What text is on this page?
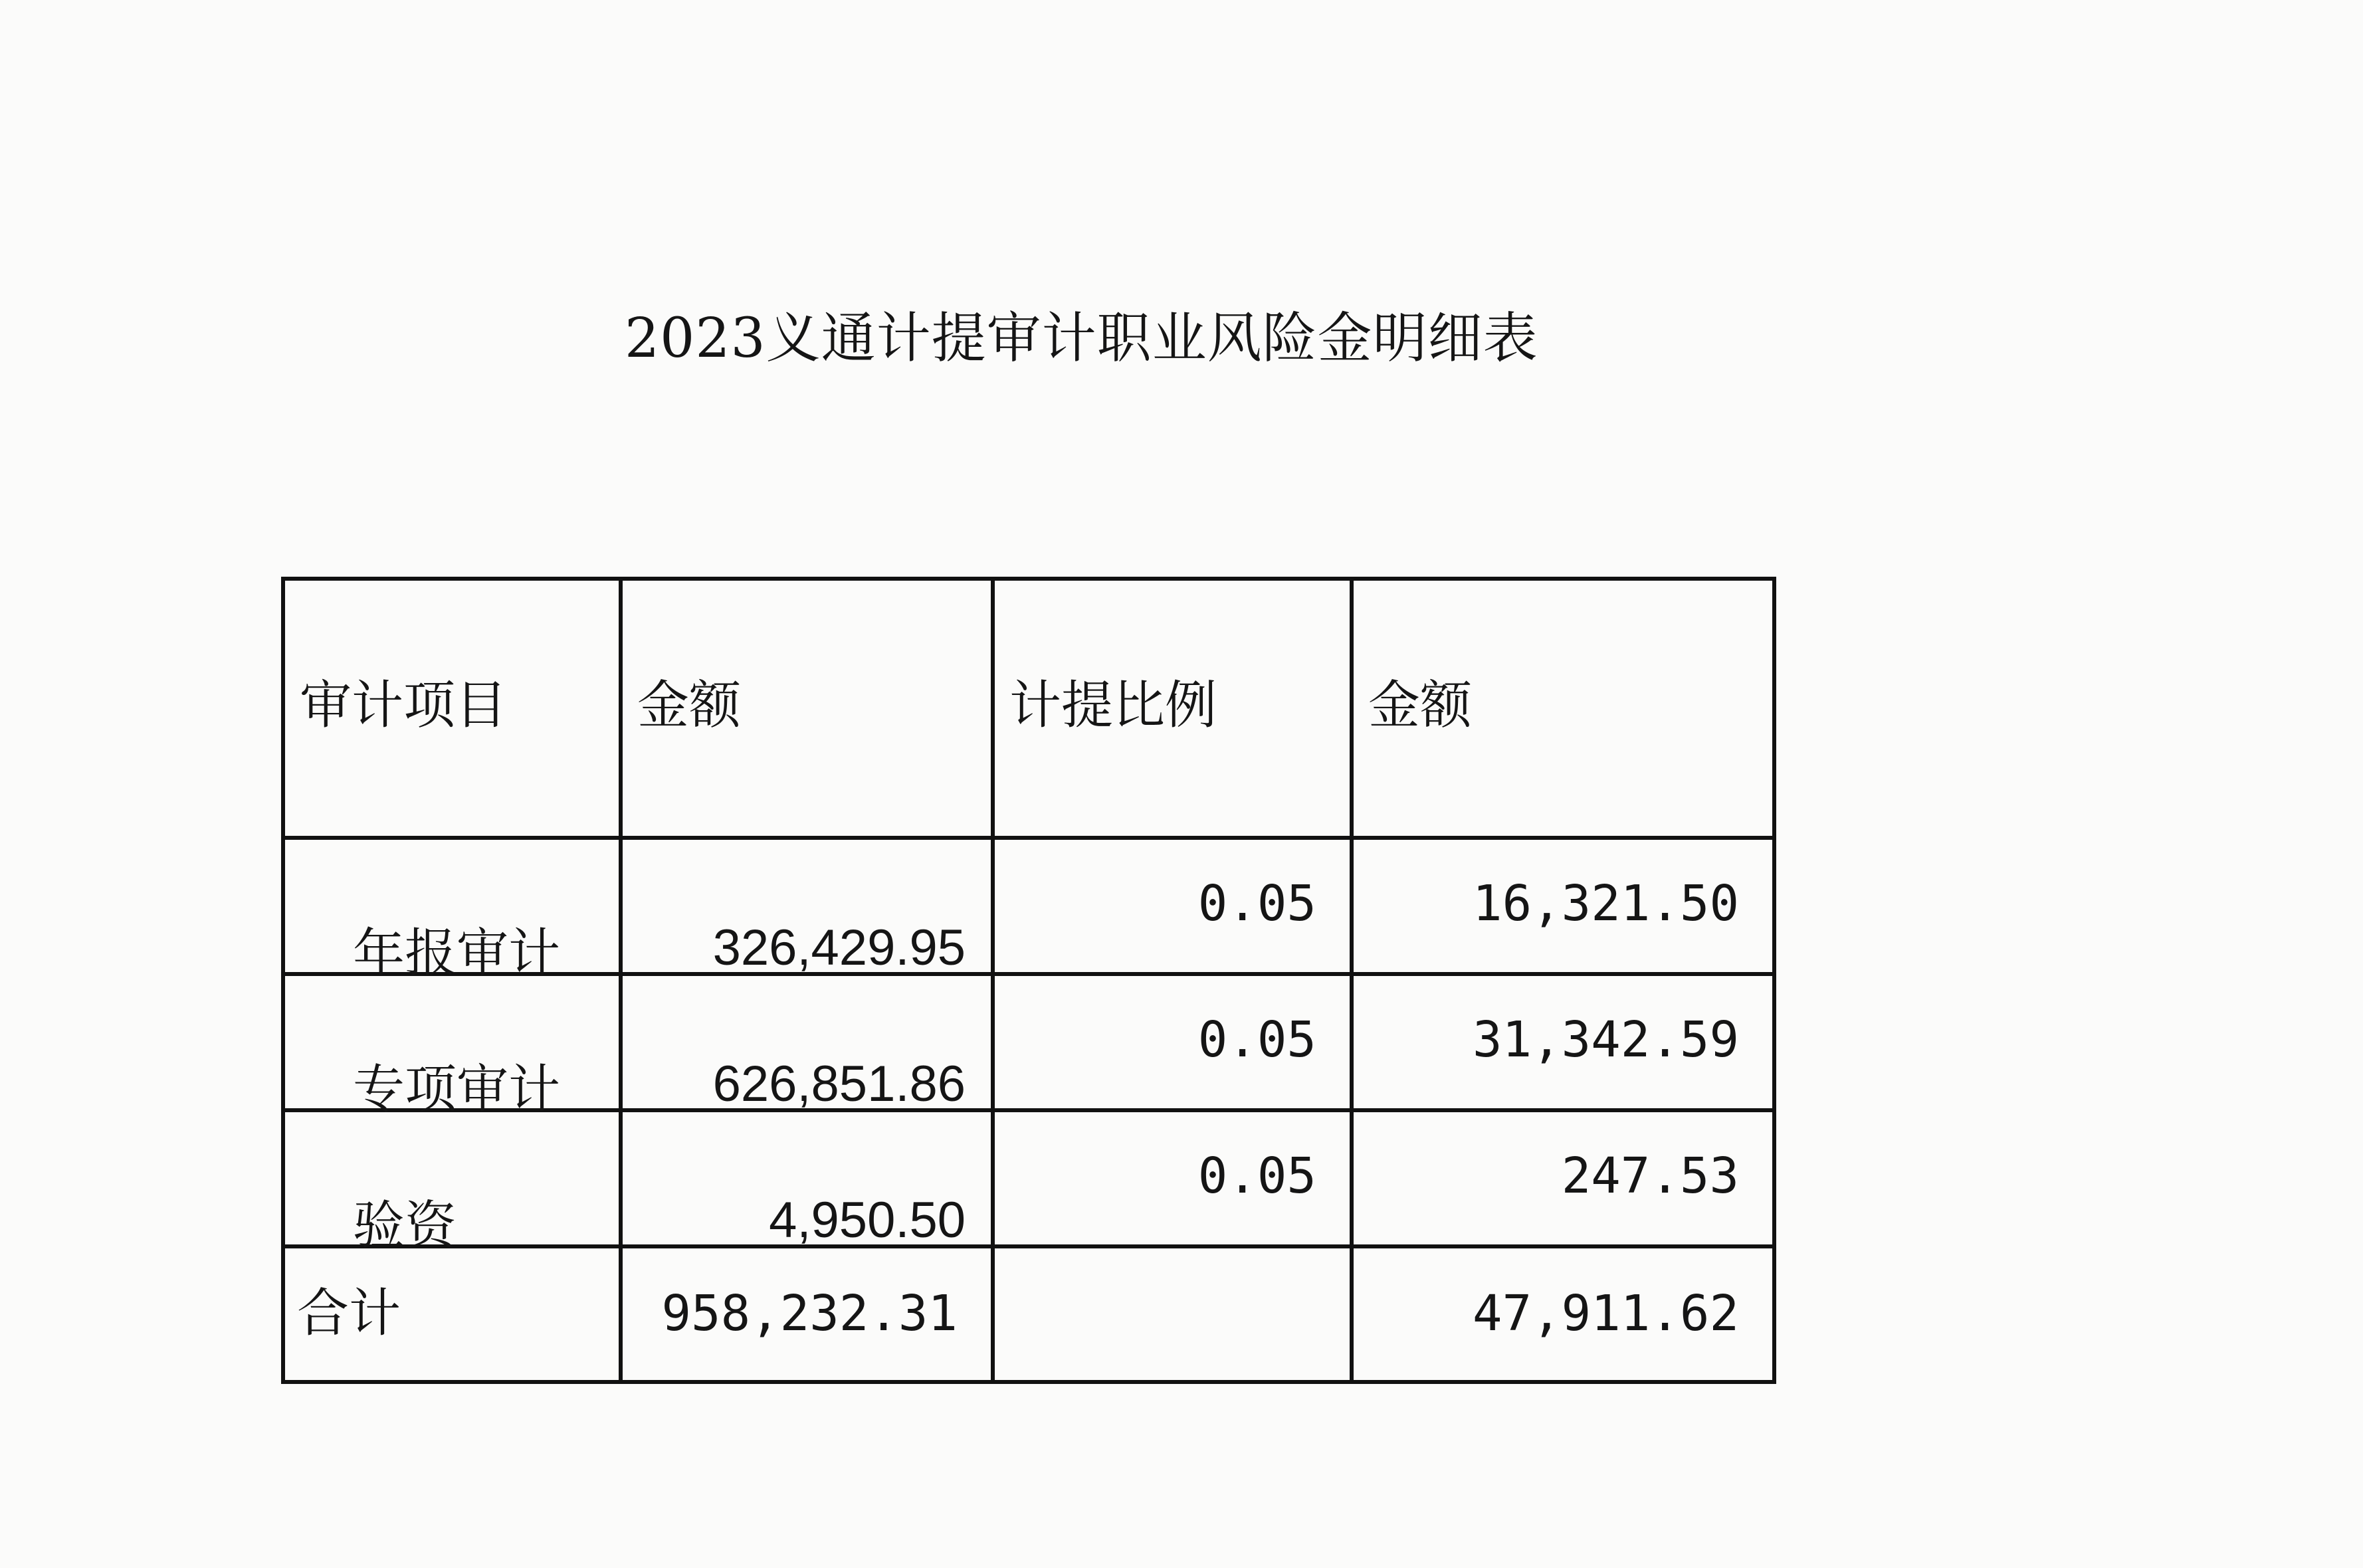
2023义通计提审计职业风险金明细表
审计项目	金额	计提比例	金额

年报审计	326,429.95	0.05	16,321.50

专项审计	626,851.86	0.05	31,342.59

验资	4,950.50	0.05	247.53

合计	958,232.31		47,911.62
